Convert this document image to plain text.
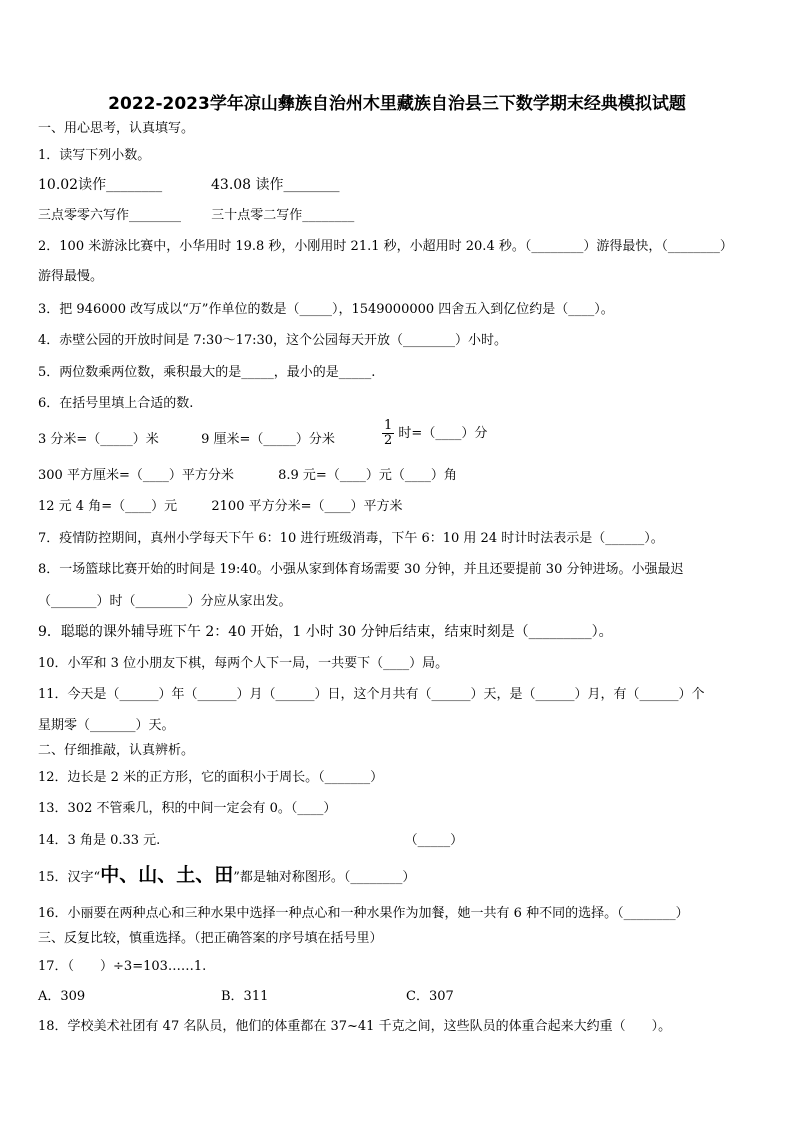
2022-2023学年凉山彝族自治州木里藏族自治县三下数学期末经典模拟试题
一、用心思考，认真填写。
1．读写下列小数。
10.02读作________	43.08 读作________
三点零零六写作________ 三十点零二写作________
2．100 米游泳比赛中，小华用时 19.8 秒，小刚用时 21.1 秒，小超用时 20.4 秒。（________）游得最快，（________）
游得最慢。
3．把 946000 改写成以“万”作单位的数是（_____），1549000000 四舍五入到亿位约是（____）。
4．赤壁公园的开放时间是 7:30～17:30，这个公园每天开放（________）小时。
5．两位数乘两位数，乘积最大的是_____，最小的是_____.
6．在括号里填上合适的数.
3 分米=（_____）米	9 厘米=（_____）分米	$\frac{1}{2}$ 时=（____）分
300 平方厘米=（____）平方分米	8.9 元=（____）元（____）角
12 元 4 角=（____）元	2100 平方分米=（____）平方米
7．疫情防控期间，真州小学每天下午 6：10 进行班级消毒，下午 6：10 用 24 时计时法表示是（______）。
8．一场篮球比赛开始的时间是 19:40。小强从家到体育场需要 30 分钟，并且还要提前 30 分钟进场。小强最迟
（_______）时（________）分应从家出发。
9．聪聪的课外辅导班下午 2：40 开始，1 小时 30 分钟后结束，结束时刻是（_________）。
10．小军和 3 位小朋友下棋，每两个人下一局，一共要下（____）局。
11．今天是（______）年（______）月（______）日，这个月共有（______）天，是（______）月，有（______）个
星期零（_______）天。
二、仔细推敲，认真辨析。
12．边长是 2 米的正方形，它的面积小于周长。（_______）
13．302 不管乘几，积的中间一定会有 0。（____）
14．3 角是 0.33 元.	（_____）
15．汉字“中、山、土、田”都是轴对称图形。（________）
16．小丽要在两种点心和三种水果中选择一种点心和一种水果作为加餐，她一共有 6 种不同的选择。（________）
三、反复比较，慎重选择。（把正确答案的序号填在括号里）
17．（　　）÷3=103……1.
A．309	B．311	C．307
18．学校美术社团有 47 名队员，他们的体重都在 37~41 千克之间，这些队员的体重合起来大约重（　　）。
